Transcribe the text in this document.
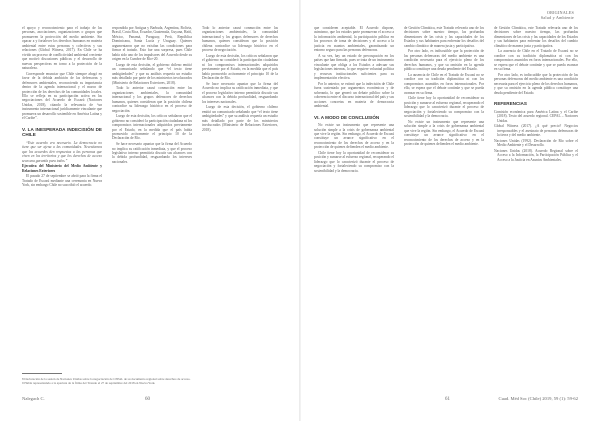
el apoyo y reconocimiento para el trabajo de las personas, asociaciones, organizaciones o grupos que promueven la protección del medio ambiente. Sin opacar a y fortalecer los derechos humanos en materia ambiental entre estas personas y colectivos y sus relaciones (Global Witness, 2017). En Chile se ha vivido un proceso de conflictividad ambiental creciente que motivó discusiones públicas y el desarrollo de nuevas perspectivas en torno a la protección de la naturaleza.

Corresponde enunciar que Chile siempre abogó en favor de la debida ambición de las defensoras y defensores ambientales, reconociendo su importancia dentro de la agenda internacional y el marco de protección de los derechos de las comunidades locales. Ello se refleja en su participación activa en las negociaciones del Acuerdo de Escazú (Naciones Unidas, 2018), citando la relevancia de “un instrumento internacional jurídicamente vinculante que promueva un desarrollo sostenible en América Latina y el Caribe”.

V. LA INESPERADA INDECISIÓN DE CHILE

“Este acuerdo era necesario. La democracia no tiene que ser ajena a las comunidades. Necesitamos que los acuerdos den respuestas a las personas que viven en los territorios y que los derechos de acceso sean una garantía para todos.”

Ejecutiva del Ministerio del Medio Ambiente y Relaciones Exteriores

El pasado 27 de septiembre se abrió para la firma el Tratado de Escazú mediante una ceremonia en Nueva York, sin embargo Chile no suscribió el acuerdo.

respondida por Antigua y Barbuda, Argentina, Bolivia, Brasil, Costa Rica, Ecuador, Guatemala, Guyana, Haití, México, Panamá, Paraguay, Perú, República Dominicana, Santa Lucía y Uruguay. Quienes argumentaron que no existían las condiciones para firmar el tratado. Esto fue una sorpresa, pues Chile había sido uno de los impulsores del Acuerdo desde su origen en la Cumbre de Río+20.

Luego de esta decisión, el gobierno chileno emitió un comunicado señalando que “el texto tiene ambigüedades” y que su análisis requería un estudio más detallado por parte de los ministerios involucrados (Ministerio de Relaciones Exteriores, 2018).

Todo lo anterior causó conmoción entre las organizaciones ambientales, la comunidad internacional y los grupos defensores de derechos humanos, quienes consideran que la posición chilena contradice su liderazgo histórico en el proceso de negociación.

Luego de esta decisión, los críticos señalaron que el gobierno no consideró la participación ciudadana ni los compromisos internacionales adquiridos previamente por el Estado, en la medida que el país había promovido activamente el principio 10 de la Declaración de Río.

Se hace necesario apuntar que la firma del Acuerdo no implica su ratificación inmediata, y que el proceso legislativo interno permitiría discutir sus alcances con la debida profundidad, resguardando los intereses nacionales.

Todo lo anterior causó conmoción entre las organizaciones ambientales, la comunidad internacional y los grupos defensores de derechos humanos, quienes consideran que la posición chilena contradice su liderazgo histórico en el proceso de negociación.

Luego de esta decisión, los críticos señalaron que el gobierno no consideró la participación ciudadana ni los compromisos internacionales adquiridos previamente por el Estado, en la medida que el país había promovido activamente el principio 10 de la Declaración de Río.

Se hace necesario apuntar que la firma del Acuerdo no implica su ratificación inmediata, y que el proceso legislativo interno permitiría discutir sus alcances con la debida profundidad, resguardando los intereses nacionales.

Luego de esta decisión, el gobierno chileno emitió un comunicado señalando que “el texto tiene ambigüedades” y que su análisis requería un estudio más detallado por parte de los ministerios involucrados (Ministerio de Relaciones Exteriores, 2018).

8 Declaración de la sesión de Naciones Unidas sobre la negociación de CEPAL de su documento regional sobre derechos de acceso.

9 Habla representando a la apertura de la firma del Tratado el 27 de septiembre del 2018 en Nueva York.

Nalegach C.	60
ORIGINALES
Salud y Ambiente

que consideren aceptable. El Acuerdo dispone, asimismo, que los estados parte promuevan el acceso a la información ambiental, la participación pública en los procesos de toma de decisiones y el acceso a la justicia en asuntos ambientales, garantizando un entorno seguro para las personas defensoras.

A su vez, hay un estado de preocupación en los países que han firmado, pues se trata de un instrumento vinculante que obliga a los Estados a adecuar sus legislaciones internas, lo que requiere voluntad política y recursos institucionales suficientes para su implementación efectiva.

Por lo anterior, se estimó que la indecisión de Chile fuera sustentada por argumentos económicos y de soberanía, lo que generó un debate público sobre la coherencia entre el discurso internacional del país y sus acciones concretas en materia de democracia ambiental.

VI. A MODO DE CONCLUSIÓN

No existe un instrumento que represente una solución simple a la crisis de gobernanza ambiental que vive la región. Sin embargo, el Acuerdo de Escazú constituye un avance significativo en el reconocimiento de los derechos de acceso y en la protección de quienes defienden el medio ambiente.

Chile tiene hoy la oportunidad de reconsiderar su posición y sumarse al esfuerzo regional, recuperando el liderazgo que lo caracterizó durante el proceso de negociación y fortaleciendo su compromiso con la sostenibilidad y la democracia.

de Gestión Climática, este Tratado relevaría uno de los decisiones sobre nuestro tiempo, las profundas dimensiones de las crisis y las capacidades de los Estados y sus habitantes para enfrentar los desafíos del cambio climático de manera justa y participativa.

Por otro lado, es indiscutible que la protección de las personas defensoras del medio ambiente es una condición necesaria para el ejercicio pleno de los derechos humanos, y que su omisión en la agenda pública constituye una deuda pendiente del Estado.

La ausencia de Chile en el Tratado de Escazú no se condice con su tradición diplomática ni con los compromisos asumidos en foros internacionales. Por ello, se espera que el debate continúe y que se pueda avanzar en su firma.

Chile tiene hoy la oportunidad de reconsiderar su posición y sumarse al esfuerzo regional, recuperando el liderazgo que lo caracterizó durante el proceso de negociación y fortaleciendo su compromiso con la sostenibilidad y la democracia.

No existe un instrumento que represente una solución simple a la crisis de gobernanza ambiental que vive la región. Sin embargo, el Acuerdo de Escazú constituye un avance significativo en el reconocimiento de los derechos de acceso y en la protección de quienes defienden el medio ambiente.

de Gestión Climática, este Tratado relevaría uno de los decisiones sobre nuestro tiempo, las profundas dimensiones de las crisis y las capacidades de los Estados y sus habitantes para enfrentar los desafíos del cambio climático de manera justa y participativa.

La ausencia de Chile en el Tratado de Escazú no se condice con su tradición diplomática ni con los compromisos asumidos en foros internacionales. Por ello, se espera que el debate continúe y que se pueda avanzar en su firma.

Por otro lado, es indiscutible que la protección de las personas defensoras del medio ambiente es una condición necesaria para el ejercicio pleno de los derechos humanos, y que su omisión en la agenda pública constituye una deuda pendiente del Estado.

REFERENCIAS

Comisión económica para América Latina y el Caribe (2018). Texto del acuerdo regional. CEPAL – Naciones Unidas.

Global Witness (2017). ¿A qué precio? Negocios irresponsables y el asesinato de personas defensoras de la tierra y del medio ambiente.

Naciones Unidas (1992). Declaración de Río sobre el Medio Ambiente y el Desarrollo.

Naciones Unidas (2018). Acuerdo Regional sobre el Acceso a la Información, la Participación Pública y el Acceso a la Justicia en Asuntos Ambientales.

61	Cuad. Méd Soc (Chile) 2019, 59 (1): 59-62
